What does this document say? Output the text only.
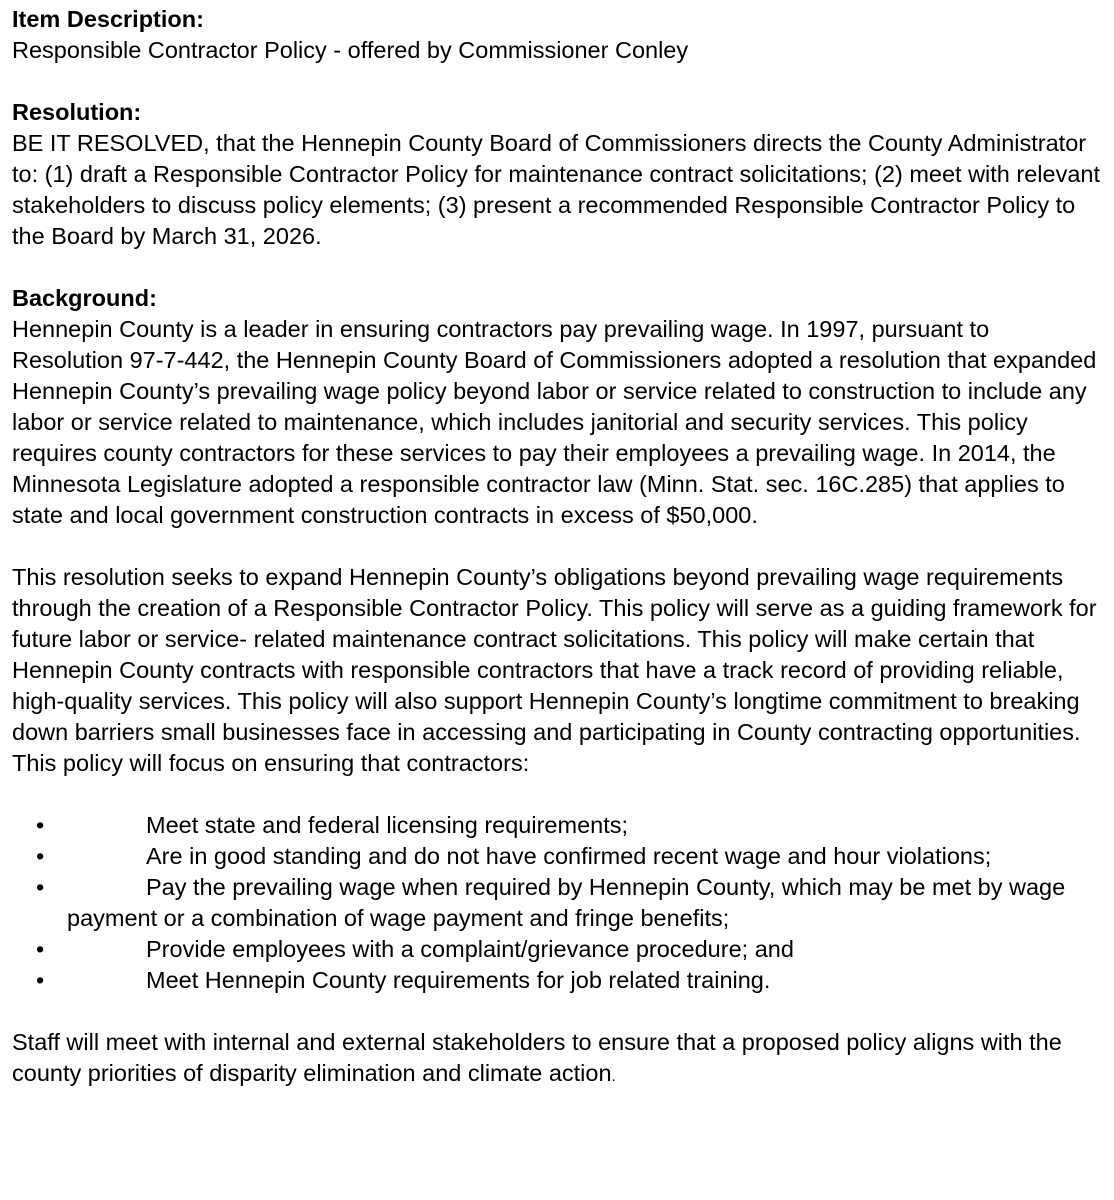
Item Description:

Responsible Contractor Policy - offered by Commissioner Conley

Resolution:

BE IT RESOLVED, that the Hennepin County Board of Commissioners directs the County Administrator to: (1) draft a Responsible Contractor Policy for maintenance contract solicitations; (2) meet with relevant stakeholders to discuss policy elements; (3) present a recommended Responsible Contractor Policy to the Board by March 31, 2026.

Background:

Hennepin County is a leader in ensuring contractors pay prevailing wage. In 1997, pursuant to Resolution 97-7-442, the Hennepin County Board of Commissioners adopted a resolution that expanded Hennepin County’s prevailing wage policy beyond labor or service related to construction to include any labor or service related to maintenance, which includes janitorial and security services. This policy requires county contractors for these services to pay their employees a prevailing wage. In 2014, the Minnesota Legislature adopted a responsible contractor law (Minn. Stat. sec. 16C.285) that applies to state and local government construction contracts in excess of $50,000.

This resolution seeks to expand Hennepin County’s obligations beyond prevailing wage requirements through the creation of a Responsible Contractor Policy. This policy will serve as a guiding framework for future labor or service- related maintenance contract solicitations. This policy will make certain that Hennepin County contracts with responsible contractors that have a track record of providing reliable, high-quality services. This policy will also support Hennepin County’s longtime commitment to breaking down barriers small businesses face in accessing and participating in County contracting opportunities. This policy will focus on ensuring that contractors:

•	Meet state and federal licensing requirements;
•	Are in good standing and do not have confirmed recent wage and hour violations;
•	Pay the prevailing wage when required by Hennepin County, which may be met by wage payment or a combination of wage payment and fringe benefits;
•	Provide employees with a complaint/grievance procedure; and
•	Meet Hennepin County requirements for job related training.

Staff will meet with internal and external stakeholders to ensure that a proposed policy aligns with the county priorities of disparity elimination and climate action.
